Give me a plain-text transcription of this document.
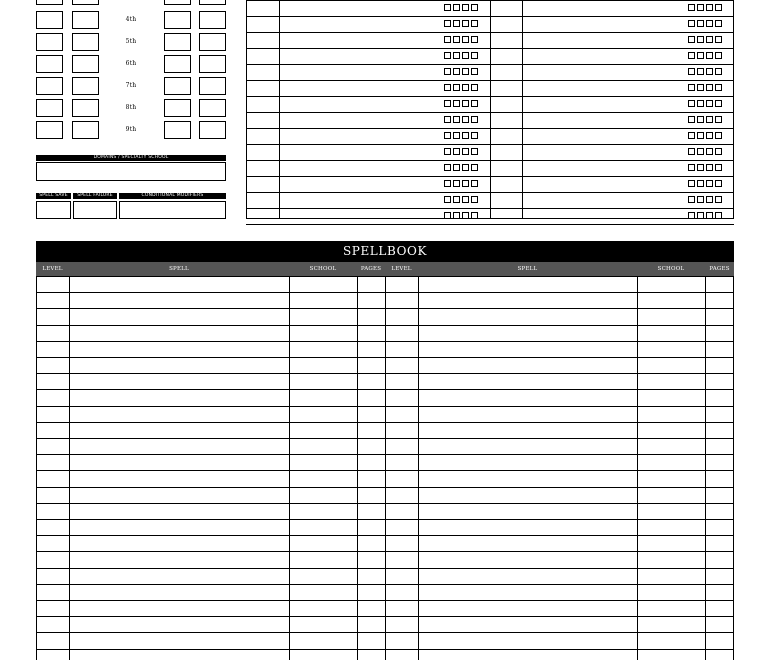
4th
5th
6th
7th
8th
9th
DOMAINS / SPECIALTY SCHOOL
SPELL SAVE	SPELL FAILURE	CONDITIONAL MODIFIERS
SPELLBOOK
LEVEL	SPELL	SCHOOL	PAGES	LEVEL	SPELL	SCHOOL	PAGES
